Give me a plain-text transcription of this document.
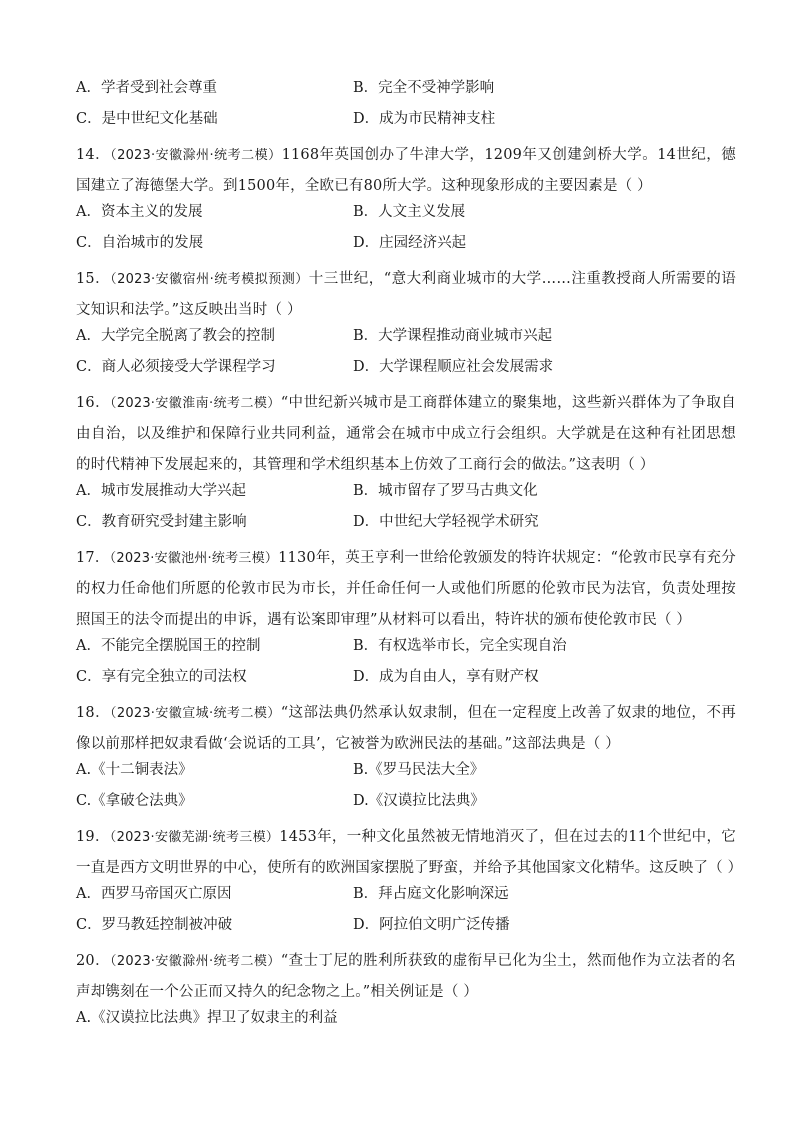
A．学者受到社会尊重	B．完全不受神学影响
C．是中世纪文化基础	D．成为市民精神支柱
14．（2023·安徽滁州·统考二模）1168年英国创办了牛津大学，1209年又创建剑桥大学。14世纪，德国建立了海德堡大学。到1500年，全欧已有80所大学。这种现象形成的主要因素是（ ）
A．资本主义的发展	B．人文主义发展
C．自治城市的发展	D．庄园经济兴起
15．（2023·安徽宿州·统考模拟预测）十三世纪，“意大利商业城市的大学……注重教授商人所需要的语文知识和法学。”这反映出当时（ ）
A．大学完全脱离了教会的控制	B．大学课程推动商业城市兴起
C．商人必须接受大学课程学习	D．大学课程顺应社会发展需求
16．（2023·安徽淮南·统考二模）“中世纪新兴城市是工商群体建立的聚集地，这些新兴群体为了争取自由自治，以及维护和保障行业共同利益，通常会在城市中成立行会组织。大学就是在这种有社团思想的时代精神下发展起来的，其管理和学术组织基本上仿效了工商行会的做法。”这表明（ ）
A．城市发展推动大学兴起	B．城市留存了罗马古典文化
C．教育研究受封建主影响	D．中世纪大学轻视学术研究
17．（2023·安徽池州·统考三模）1130年，英王亨利一世给伦敦颁发的特许状规定：“伦敦市民享有充分的权力任命他们所愿的伦敦市民为市长，并任命任何一人或他们所愿的伦敦市民为法官，负责处理按照国王的法令而提出的申诉，遇有讼案即审理”从材料可以看出，特许状的颁布使伦敦市民（ ）
A．不能完全摆脱国王的控制	B．有权选举市长，完全实现自治
C．享有完全独立的司法权	D．成为自由人，享有财产权
18．（2023·安徽宣城·统考二模）“这部法典仍然承认奴隶制，但在一定程度上改善了奴隶的地位，不再像以前那样把奴隶看做‘会说话的工具’，它被誉为欧洲民法的基础。”这部法典是（ ）
A.《十二铜表法》	B.《罗马民法大全》
C.《拿破仑法典》	D.《汉谟拉比法典》
19．（2023·安徽芜湖·统考三模）1453年，一种文化虽然被无情地消灭了，但在过去的11个世纪中，它一直是西方文明世界的中心，使所有的欧洲国家摆脱了野蛮，并给予其他国家文化精华。这反映了（ ）
A．西罗马帝国灭亡原因	B．拜占庭文化影响深远
C．罗马教廷控制被冲破	D．阿拉伯文明广泛传播
20．（2023·安徽滁州·统考二模）“查士丁尼的胜利所获致的虚衔早已化为尘土，然而他作为立法者的名声却镌刻在一个公正而又持久的纪念物之上。”相关例证是（ ）
A.《汉谟拉比法典》捍卫了奴隶主的利益
